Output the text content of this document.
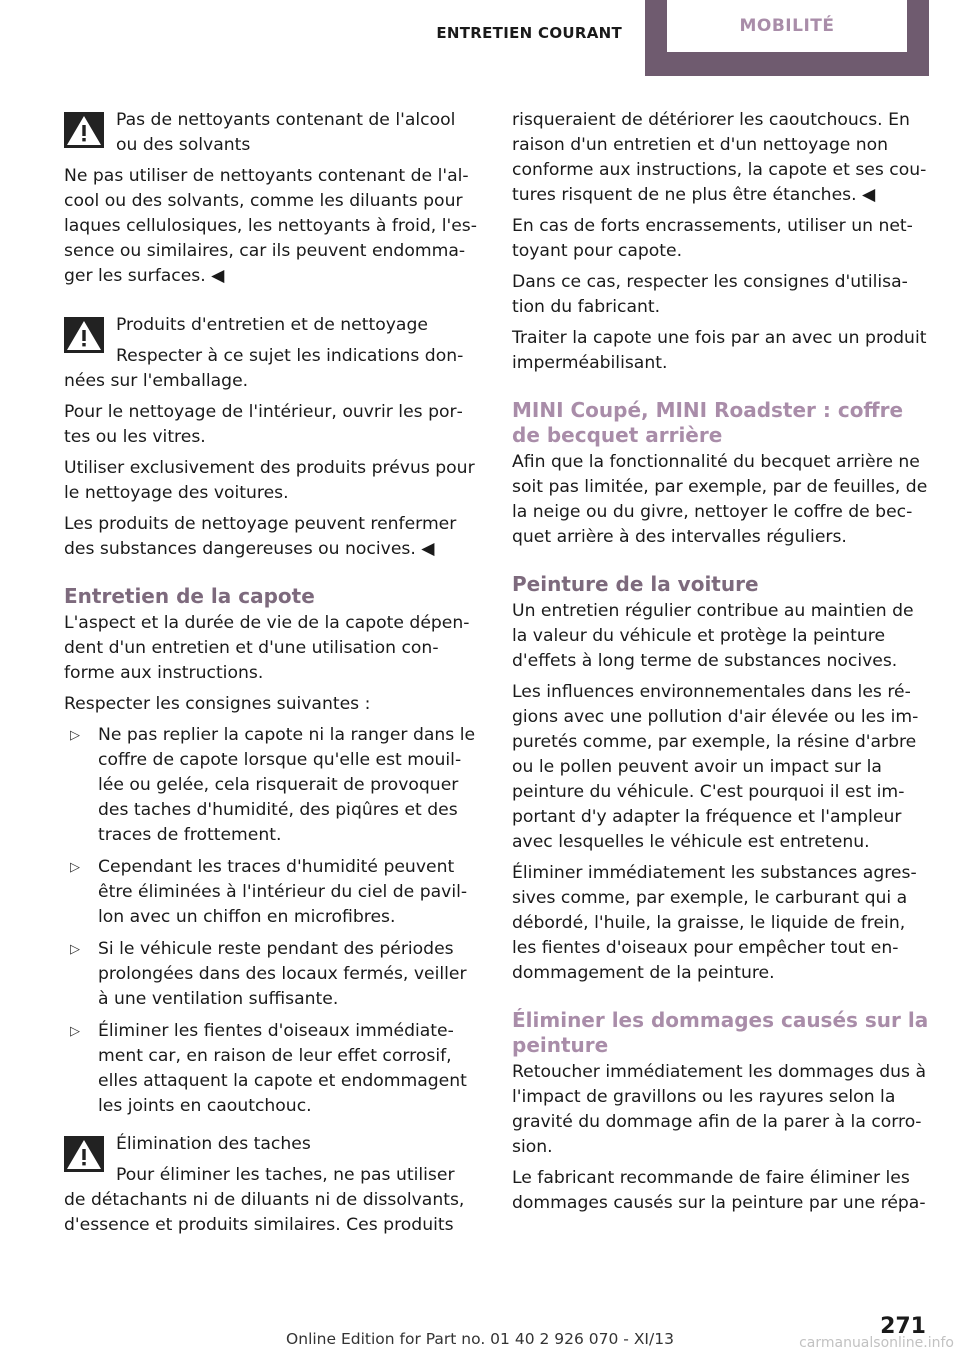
ENTRETIEN COURANT	MOBILITÉ
Pas de nettoyants contenant de l'alcool ou des solvants

Ne pas utiliser de nettoyants contenant de l'alcool ou des solvants, comme les diluants pour laques cellulosiques, les nettoyants à froid, l'essence ou similaires, car ils peuvent endommager les surfaces. ◀

Produits d'entretien et de nettoyage

Respecter à ce sujet les indications données sur l'emballage.

Pour le nettoyage de l'intérieur, ouvrir les portes ou les vitres.

Utiliser exclusivement des produits prévus pour le nettoyage des voitures.

Les produits de nettoyage peuvent renfermer des substances dangereuses ou nocives. ◀

Entretien de la capote

L'aspect et la durée de vie de la capote dépendent d'un entretien et d'une utilisation conforme aux instructions.

Respecter les consignes suivantes :

▷ Ne pas replier la capote ni la ranger dans le coffre de capote lorsque qu'elle est mouillée ou gelée, cela risquerait de provoquer des taches d'humidité, des piqûres et des traces de frottement.
▷ Cependant les traces d'humidité peuvent être éliminées à l'intérieur du ciel de pavillon avec un chiffon en microfibres.
▷ Si le véhicule reste pendant des périodes prolongées dans des locaux fermés, veiller à une ventilation suffisante.
▷ Éliminer les fientes d'oiseaux immédiatement car, en raison de leur effet corrosif, elles attaquent la capote et endommagent les joints en caoutchouc.
Élimination des taches

Pour éliminer les taches, ne pas utiliser de détachants ni de diluants ni de dissolvants, d'essence et produits similaires. Ces produits

risqueraient de détériorer les caoutchoucs. En raison d'un entretien et d'un nettoyage non conforme aux instructions, la capote et ses coutures risquent de ne plus être étanches. ◀

En cas de forts encrassements, utiliser un nettoyant pour capote.

Dans ce cas, respecter les consignes d'utilisation du fabricant.

Traiter la capote une fois par an avec un produit imperméabilisant.

MINI Coupé, MINI Roadster : coffre de becquet arrière

Afin que la fonctionnalité du becquet arrière ne soit pas limitée, par exemple, par de feuilles, de la neige ou du givre, nettoyer le coffre de becquet arrière à des intervalles réguliers.

Peinture de la voiture

Un entretien régulier contribue au maintien de la valeur du véhicule et protège la peinture d'effets à long terme de substances nocives.

Les influences environnementales dans les régions avec une pollution d'air élevée ou les impuretés comme, par exemple, la résine d'arbre ou le pollen peuvent avoir un impact sur la peinture du véhicule. C'est pourquoi il est important d'y adapter la fréquence et l'ampleur avec lesquelles le véhicule est entretenu.

Éliminer immédiatement les substances agressives comme, par exemple, le carburant qui a débordé, l'huile, la graisse, le liquide de frein, les fientes d'oiseaux pour empêcher tout endommagement de la peinture.

Éliminer les dommages causés sur la peinture

Retoucher immédiatement les dommages dus à l'impact de gravillons ou les rayures selon la gravité du dommage afin de la parer à la corrosion.

Le fabricant recommande de faire éliminer les dommages causés sur la peinture par une répa-

Online Edition for Part no. 01 40 2 926 070 - XI/13	271
carmanualsonline.info
